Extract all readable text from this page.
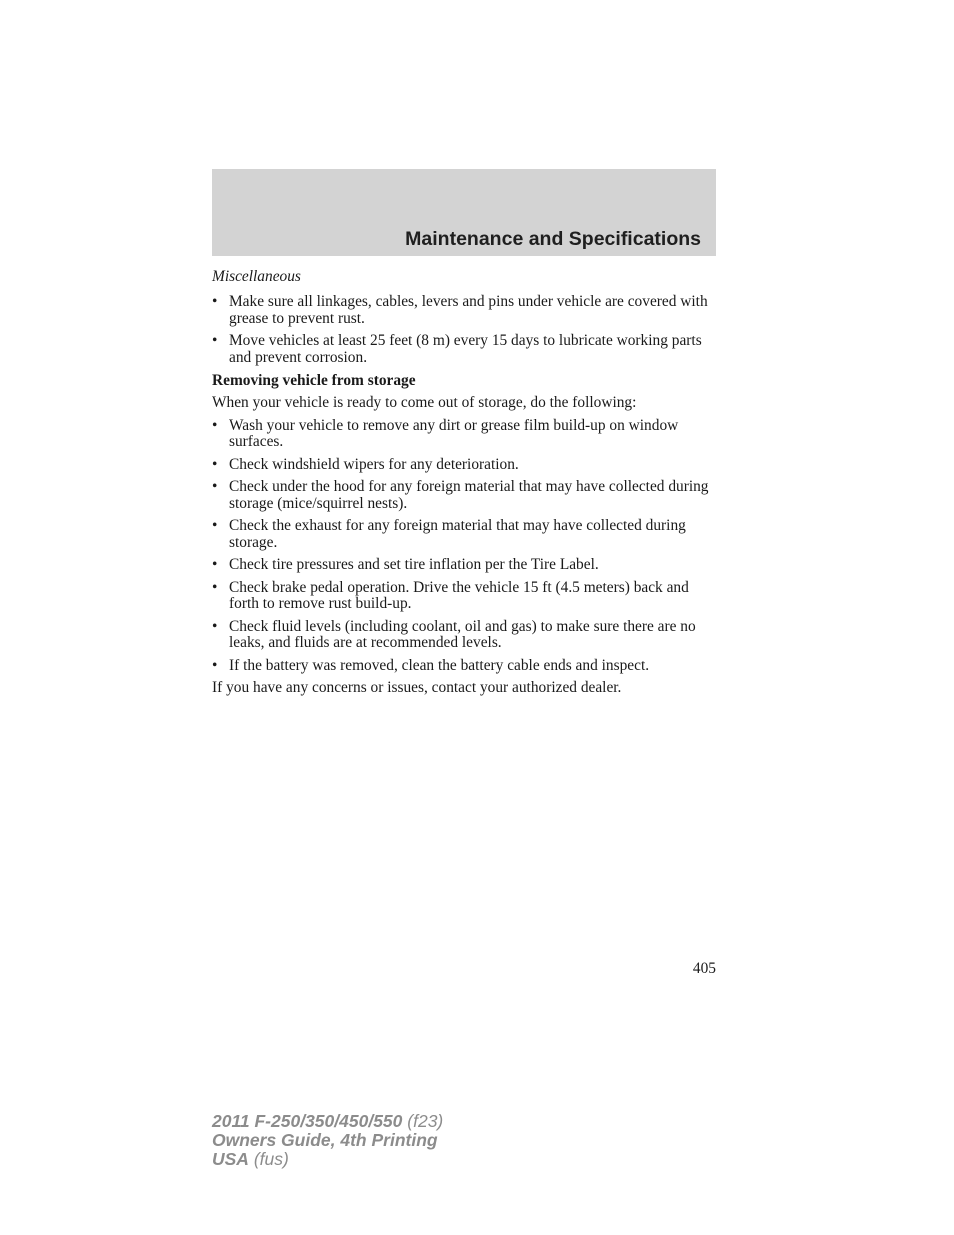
Maintenance and Specifications

Miscellaneous

• Make sure all linkages, cables, levers and pins under vehicle are covered with grease to prevent rust.
• Move vehicles at least 25 feet (8 m) every 15 days to lubricate working parts and prevent corrosion.

Removing vehicle from storage

When your vehicle is ready to come out of storage, do the following:

• Wash your vehicle to remove any dirt or grease film build-up on window surfaces.
• Check windshield wipers for any deterioration.
• Check under the hood for any foreign material that may have collected during storage (mice/squirrel nests).
• Check the exhaust for any foreign material that may have collected during storage.
• Check tire pressures and set tire inflation per the Tire Label.
• Check brake pedal operation. Drive the vehicle 15 ft (4.5 meters) back and forth to remove rust build-up.
• Check fluid levels (including coolant, oil and gas) to make sure there are no leaks, and fluids are at recommended levels.
• If the battery was removed, clean the battery cable ends and inspect.

If you have any concerns or issues, contact your authorized dealer.

405
2011 F-250/350/450/550 (f23)
Owners Guide, 4th Printing
USA (fus)
